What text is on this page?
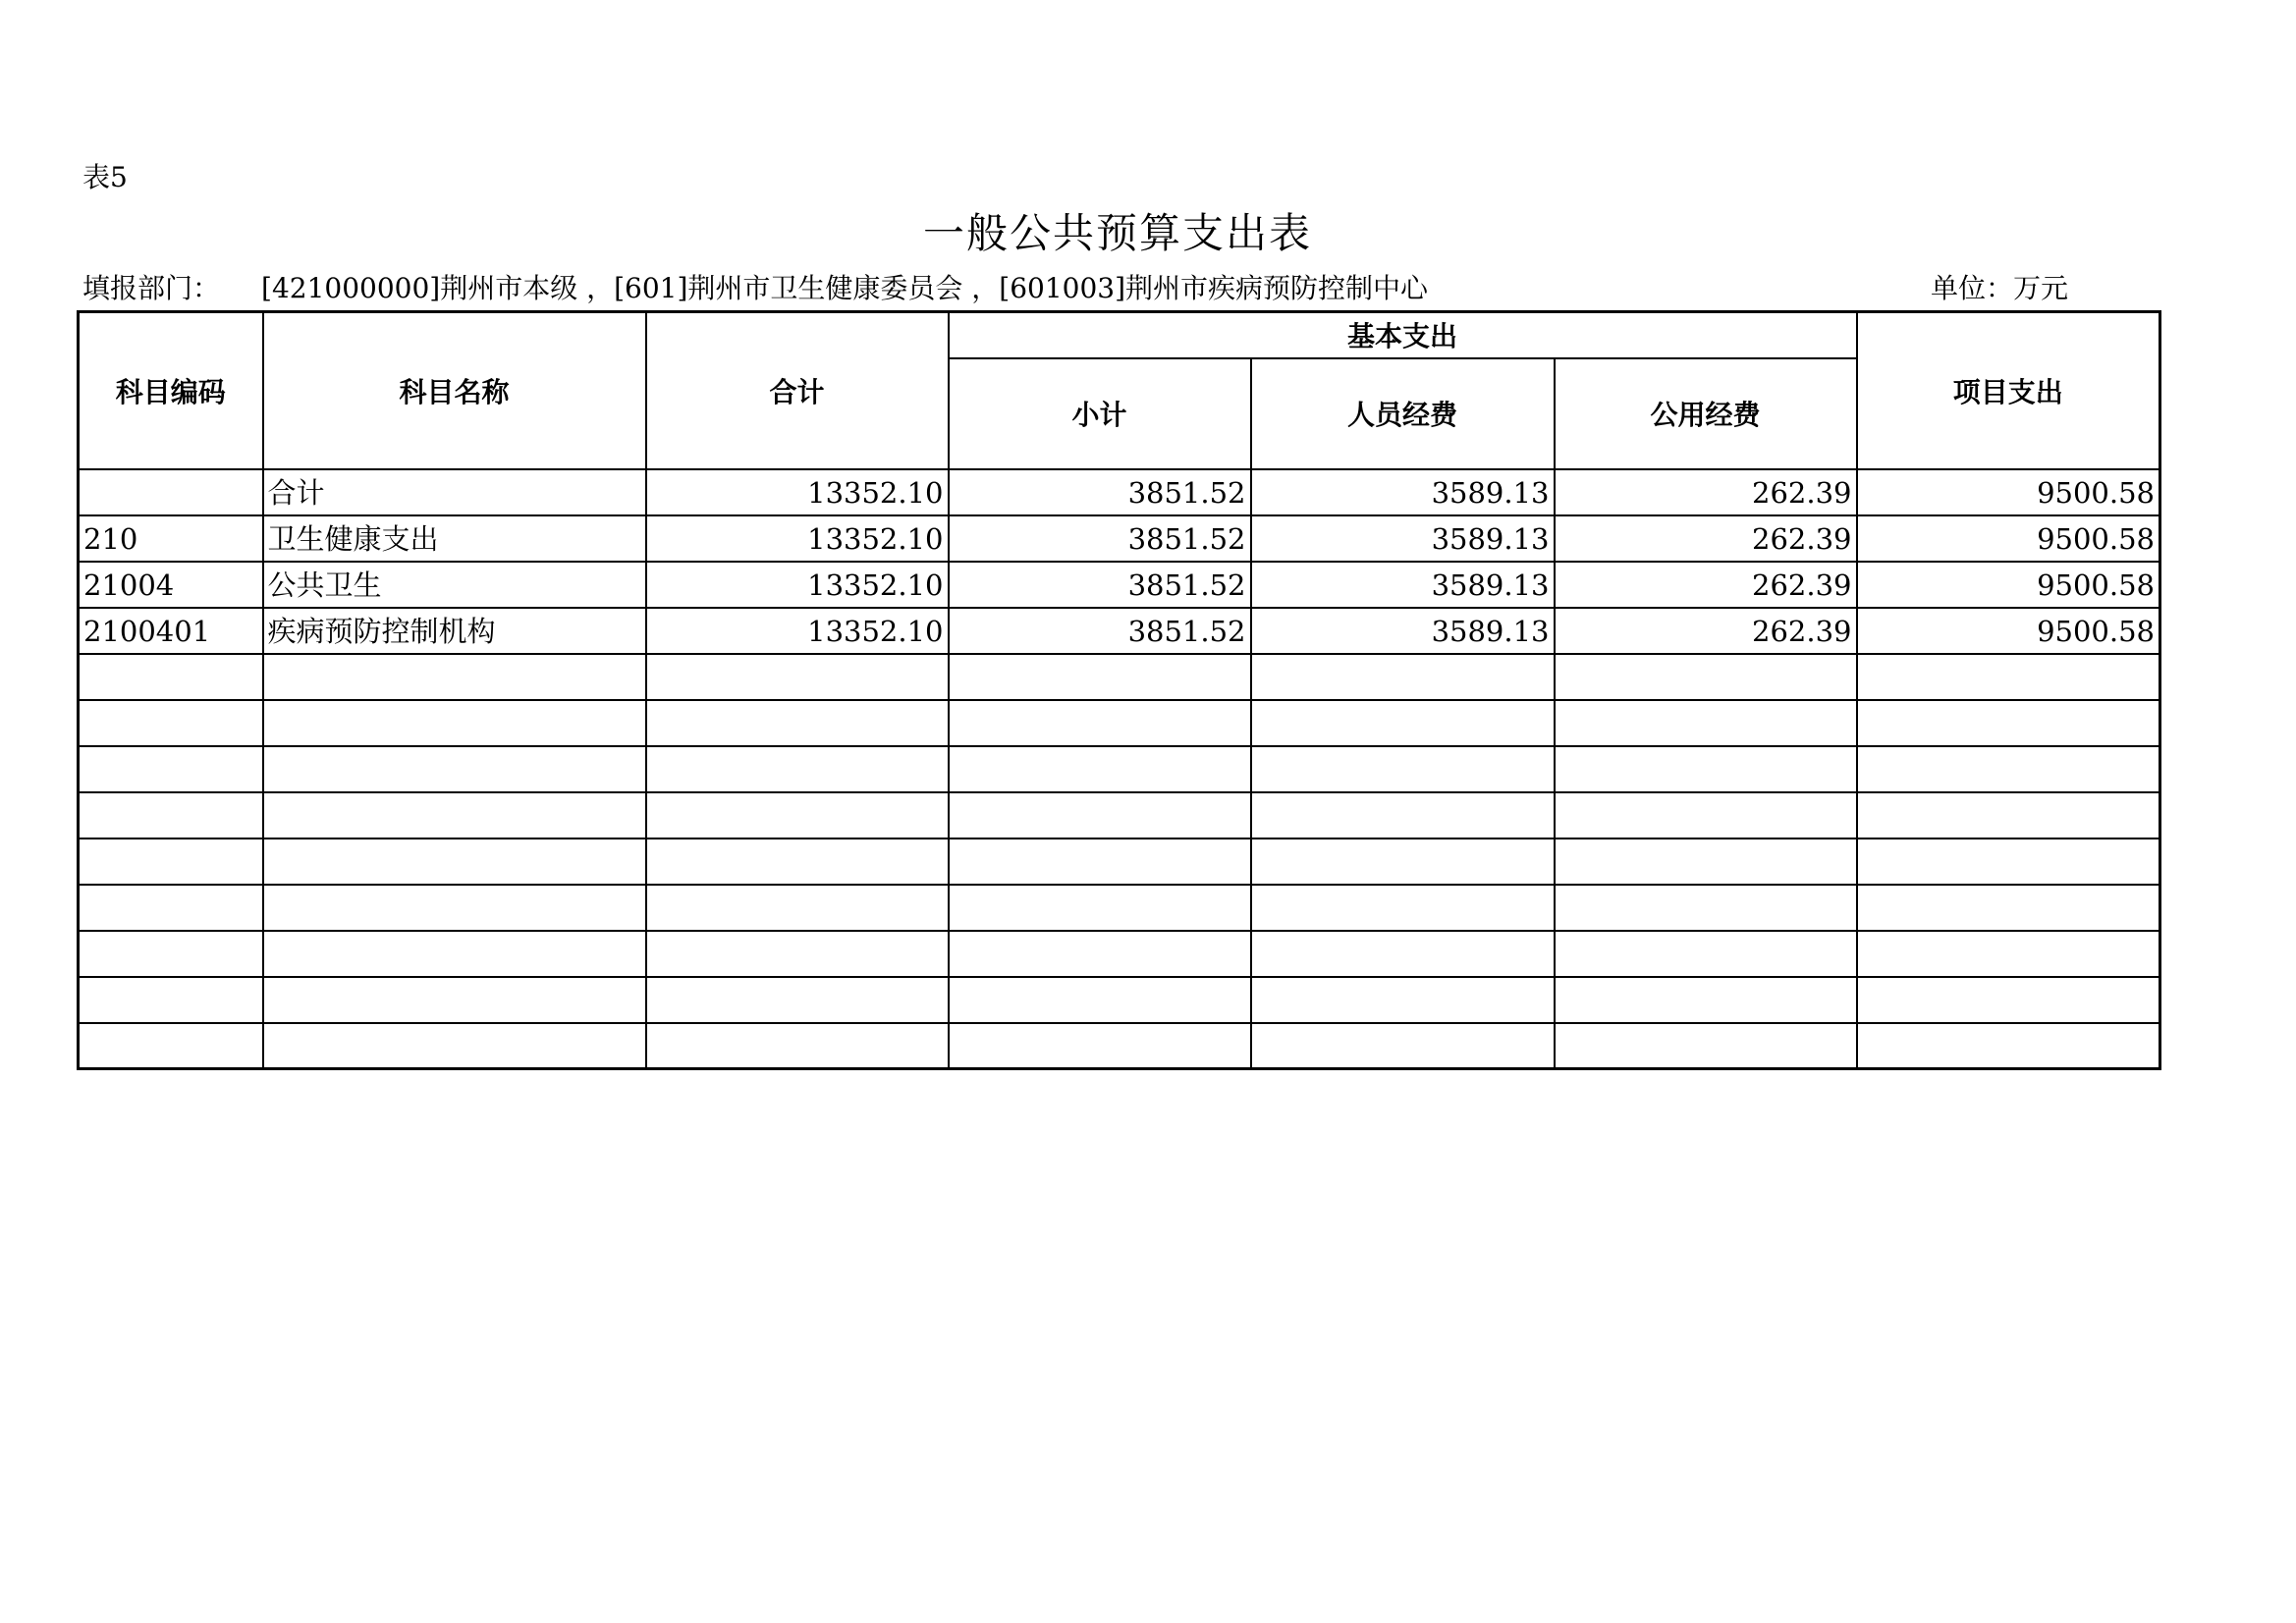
表5
一般公共预算支出表
填报部门： [421000000]荆州市本级 ，[601]荆州市卫生健康委员会 ，[601003]荆州市疾病预防控制中心	单位：万元
科目编码	科目名称	合计	基本支出			项目支出
			小计	人员经费	公用经费	
	合计	13352.10	3851.52	3589.13	262.39	9500.58
210	卫生健康支出	13352.10	3851.52	3589.13	262.39	9500.58
21004	公共卫生	13352.10	3851.52	3589.13	262.39	9500.58
2100401	疾病预防控制机构	13352.10	3851.52	3589.13	262.39	9500.58
